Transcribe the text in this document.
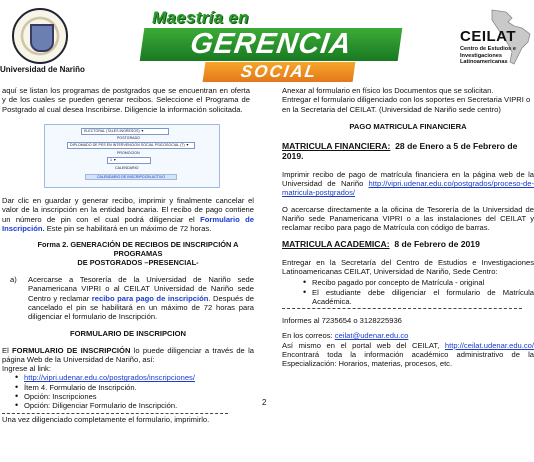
Universidad de Nariño
Maestría en
GERENCIA
SOCIAL
CEILAT
Centro de Estudios e Investigaciones Latinoamericanas

aquí se listan los programas de postgrados que se encuentran en oferta y de los cuales se pueden generar recibos. Seleccione el Programa de Postgrado al cual desea Inscribirse. Diligencie la información solicitada.

ELECTORAL (TALES INGRESOS) ▼
POSTGRADO
DIPLOMADO DE PES EN INTERVENCION SOCIAL PSICOSOCIAL (T) ▼
PROMOCION
1 ▼
CALENDARIO
CALENDARIO DE INSCRIPCION ACTIVO

Dar clic en guardar y generar recibo, imprimir y finalmente cancelar el valor de la inscripción en la entidad bancaria. El recibo de pago contiene un número de pin con el cual podrá diligenciar el Formulario de Inscripción. Este pin se habilitará en un máximo de 72 horas.

Forma 2. GENERACIÓN DE RECIBOS DE INSCRIPCIÓN A PROGRAMAS
DE POSTGRADOS –PRESENCIAL-

a) Acercarse a Tesorería de la Universidad de Nariño sede Panamericana VIPRI o al CEILAT Universidad de Nariño sede Centro y reclamar recibo para pago de inscripción. Después de cancelado el pin se habilitará en un máximo de 72 horas para diligenciar el formulario de Inscripción.

FORMULARIO DE INSCRIPCION

El FORMULARIO DE INSCRIPCIÓN lo puede diligenciar a través de la página Web de la Universidad de Nariño, así:

Ingrese al link:

• http://vipri.udenar.edu.co/postgrados/inscripciones/
• Ítem 4. Formulario de Inscripción.
• Opción: Inscripciones
• Opción: Diligenciar Formulario de Inscripción.

Una vez diligenciado completamente el formulario, imprimirlo.

Anexar al formulario en físico los Documentos que se solicitan.

Entregar el formulario diligenciado con los soportes en Secretaria VIPRI o en la Secretaria del CEILAT. (Universidad de Nariño sede centro)

PAGO MATRICULA FINANCIERA

MATRICULA FINANCIERA: 28 de Enero a 5 de Febrero de 2019.

Imprimir recibo de pago de matrícula financiera en la página web de la Universidad de Nariño http://vipri.udenar.edu.co/postgrados/proceso-de-matricula-postgrados/

O acercarse directamente a la oficina de Tesorería de la Universidad de Nariño sede Panamericana VIPRI o a las instalaciones del CEILAT y reclamar recibo para pago de Matrícula con código de barras.

MATRICULA ACADEMICA: 8 de Febrero de 2019

Entregar en la Secretaría del Centro de Estudios e Investigaciones Latinoamericanas CEILAT, Universidad de Nariño, Sede Centro:

• Recibo pagado por concepto de Matrícula - original
• El estudiante debe diligenciar el formulario de Matrícula Académica.

Informes al 7235654 o 3128225936

En los correos: ceilat@udenar.edu.co

Así mismo en el portal web del CEILAT, http://ceilat.udenar.edu.co/ Encontrará toda la información académico administrativo de la Especialización: Horarios, materias, procesos, etc.

2
